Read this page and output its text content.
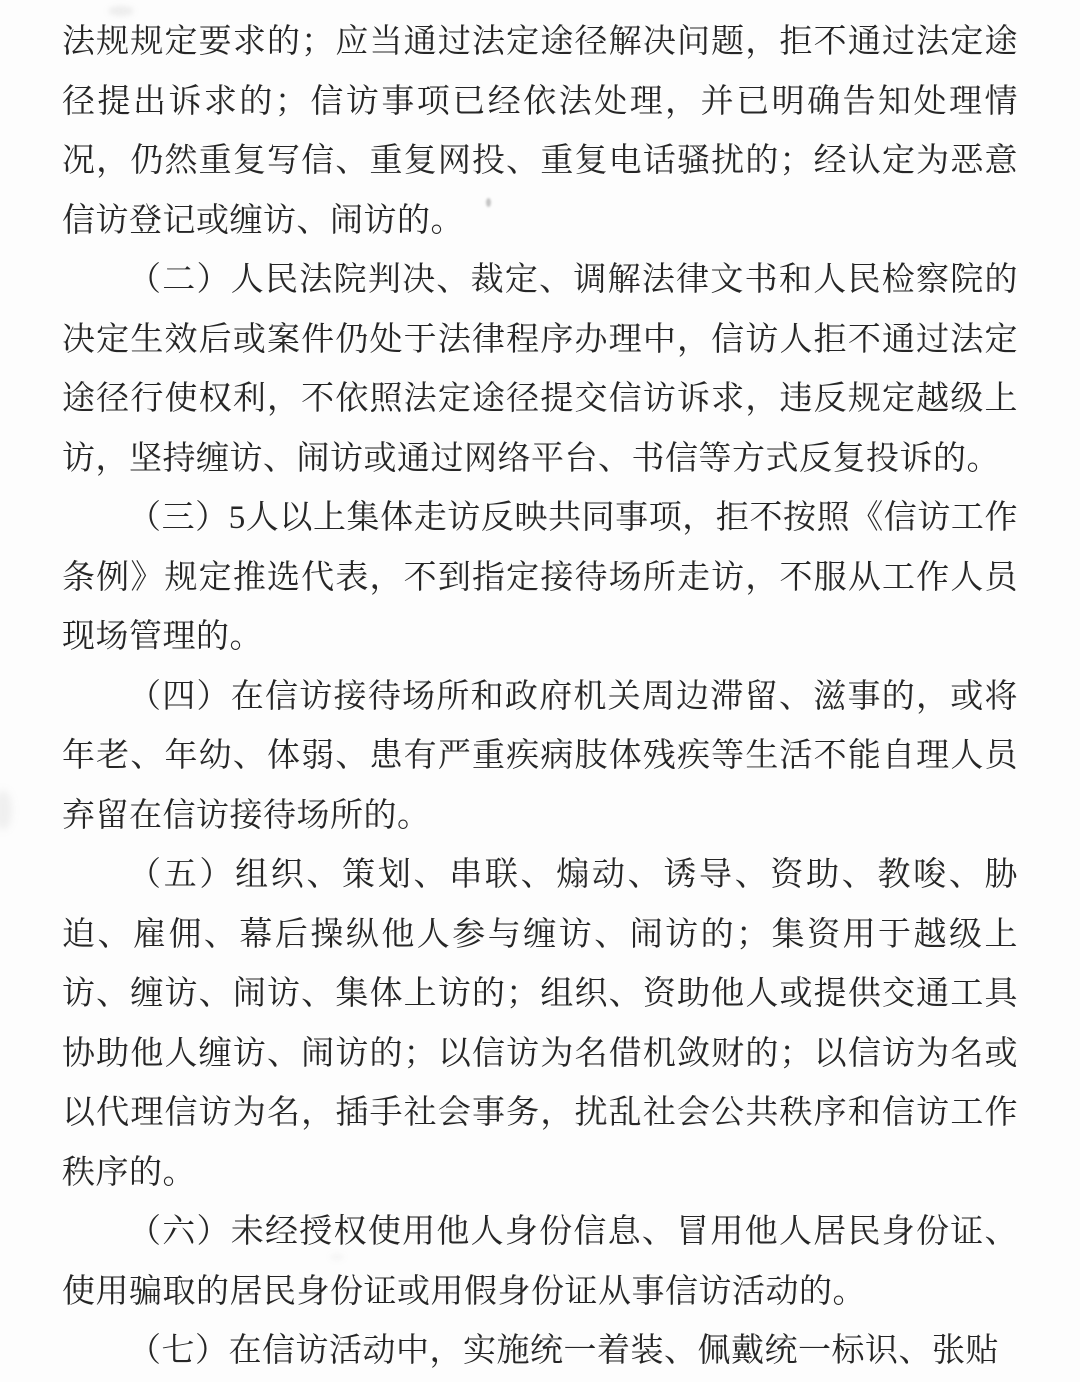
法规规定要求的；应当通过法定途径解决问题，拒不通过法定途径提出诉求的；信访事项已经依法处理，并已明确告知处理情况，仍然重复写信、重复网投、重复电话骚扰的；经认定为恶意信访登记或缠访、闹访的。

（二）人民法院判决、裁定、调解法律文书和人民检察院的决定生效后或案件仍处于法律程序办理中，信访人拒不通过法定途径行使权利，不依照法定途径提交信访诉求，违反规定越级上访，坚持缠访、闹访或通过网络平台、书信等方式反复投诉的。

（三）5人以上集体走访反映共同事项，拒不按照《信访工作条例》规定推选代表，不到指定接待场所走访，不服从工作人员现场管理的。

（四）在信访接待场所和政府机关周边滞留、滋事的，或将年老、年幼、体弱、患有严重疾病肢体残疾等生活不能自理人员弃留在信访接待场所的。

（五）组织、策划、串联、煽动、诱导、资助、教唆、胁迫、雇佣、幕后操纵他人参与缠访、闹访的；集资用于越级上访、缠访、闹访、集体上访的；组织、资助他人或提供交通工具协助他人缠访、闹访的；以信访为名借机敛财的；以信访为名或以代理信访为名，插手社会事务，扰乱社会公共秩序和信访工作秩序的。

（六）未经授权使用他人身份信息、冒用他人居民身份证、使用骗取的居民身份证或用假身份证从事信访活动的。

（七）在信访活动中，实施统一着装、佩戴统一标识、张贴
